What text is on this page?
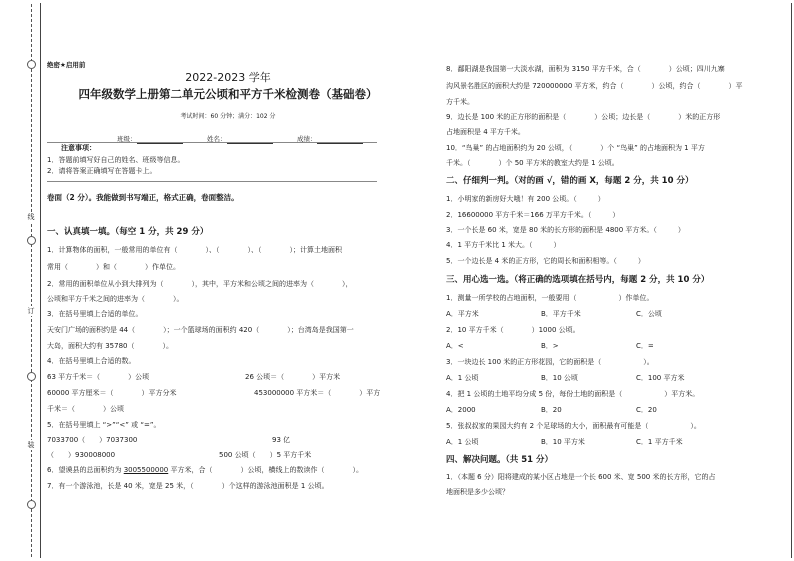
线
订
装
绝密★启用前
2022-2023 学年
四年级数学上册第二单元公顷和平方千米检测卷（基础卷）
考试时间：60 分钟；满分：102 分
班级：	姓名：	成绩：
注意事项：
1．答题前填写好自己的姓名、班级等信息。
2．请将答案正确填写在答题卡上。
卷面（2 分）。我能做到书写端正，格式正确，卷面整洁。
一、认真填一填。（每空 1 分，共 29 分）
1．计算物体的面积，一般常用的单位有（　　　　）、（　　　　）、（　　　　）；计算土地面积
常用（　　　　）和（　　　　）作单位。
2．常用的面积单位从小到大排列为（　　　　），其中，平方米和公顷之间的进率为（　　　　），
公顷和平方千米之间的进率为（　　　　）。
3．在括号里填上合适的单位。
天安门广场的面积约是 44（　　　　）；一个篮球场的面积约 420（　　　　）；台湾岛是我国第一
大岛，面积大约有 35780（　　　　）。
4．在括号里填上合适的数。
63 平方千米＝（　　　　）公顷	26 公顷＝（　　　　）平方米
60000 平方厘米＝（　　　　）平方分米	453000000 平方米＝（　　　　）平方
千米＝（　　　　）公顷
5．在括号里填上 “>”“<” 或 “=”。
7033700（　　）7037300	93 亿
（　　）930008000	500 公顷（　　）5 平方千米
6．望谟县的总面积约为 3005500000 平方米，合（　　　　）公顷，横线上的数读作（　　　　）。
7．有一个游泳池，长是 40 米，宽是 25 米，（　　　　）个这样的游泳池面积是 1 公顷。
8．鄱阳湖是我国第一大淡水湖，面积为 3150 平方千米，合（　　　　）公顷；四川九寨
沟风景名胜区的面积大约是 720000000 平方米，约合（　　　　）公顷，约合（　　　　）平
方千米。
9．边长是 100 米的正方形的面积是（　　　　）公顷；边长是（　　　　）米的正方形
占地面积是 4 平方千米。
10．“鸟巢” 的占地面积约为 20 公顷，（　　　　）个 “鸟巢” 的占地面积为 1 平方
千米。（　　　　）个 50 平方米的教室大约是 1 公顷。
二、仔细判一判。（对的画 √，错的画 X，每题 2 分，共 10 分）
1．小明家的新房好大哦！有 200 公顷。（　　　）
2．16600000 平方千米＝166 万平方千米。（　　　）
3．一个长是 60 米，宽是 80 米的长方形的面积是 4800 平方米。（　　　）
4．1 平方千米比 1 米大。（　　　）
5．一个边长是 4 米的正方形，它的周长和面积相等。（　　　）
三、用心选一选。（将正确的选项填在括号内，每题 2 分，共 10 分）
1．测量一所学校的占地面积，一般要用（　　　　　　）作单位。
A．平方米	B．平方千米	C．公顷
2．10 平方千米（　　　　）1000 公顷。
A．<	B．>	C．=
3．一块边长 100 米的正方形花园，它的面积是（　　　　　　）。
A．1 公顷	B．10 公顷	C．100 平方米
4．把 1 公顷的土地平均分成 5 份，每份土地的面积是（　　　　　　）平方米。
A．2000	B．20	C．20
5．张叔叔家的果园大约有 2 个足球场的大小，面积最有可能是（　　　　　　）。
A．1 公顷	B．10 平方米	C．1 平方千米
四、解决问题。（共 51 分）
1．（本题 6 分）阳将建成的某小区占地是一个长 600 米、宽 500 米的长方形，它的占
地面积是多少公顷？
